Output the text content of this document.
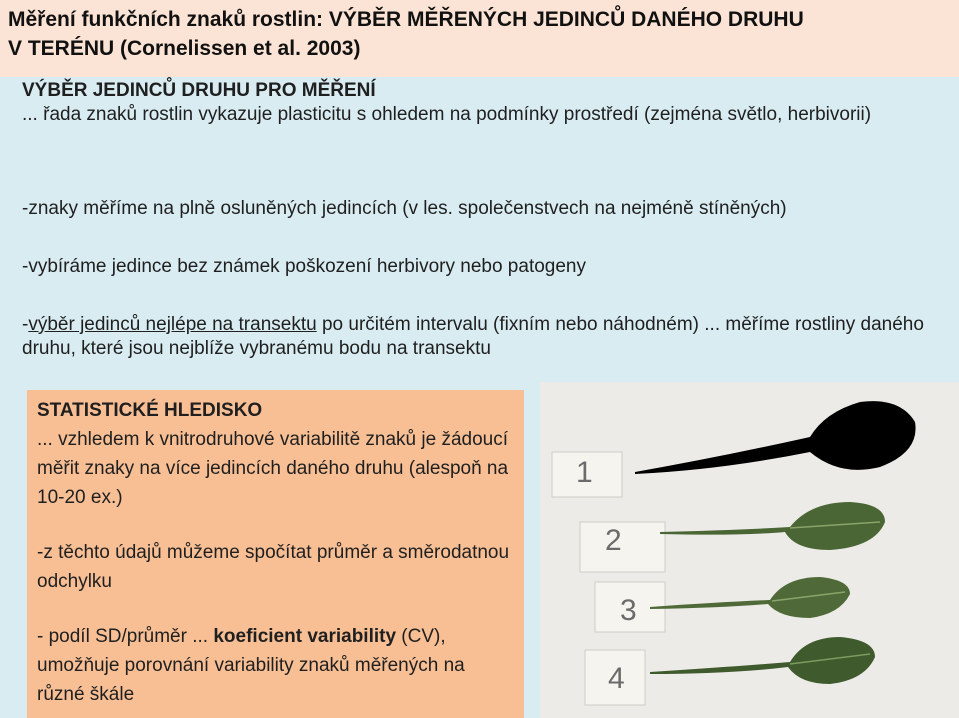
Měření funkčních znaků rostlin: VÝBĚR MĚŘENÝCH JEDINCŮ DANÉHO DRUHU
V TERÉNU (Cornelissen et al. 2003)

VÝBĚR JEDINCŮ DRUHU PRO MĚŘENÍ

... řada znaků rostlin vykazuje plasticitu s ohledem na podmínky prostředí (zejména světlo, herbivorii)

-znaky měříme na plně osluněných jedincích (v les. společenstvech na nejméně stíněných)

-vybíráme jedince bez známek poškození herbivory nebo patogeny

-výběr jedinců nejlépe na transektu po určitém intervalu (fixním nebo náhodném) ... měříme rostliny daného druhu, které jsou nejblíže vybranému bodu na transektu

STATISTICKÉ HLEDISKO
... vzhledem k vnitrodruhové variabilitě znaků je žádoucí měřit znaky na více jedincích daného druhu (alespoň na 10-20 ex.)
-z těchto údajů můžeme spočítat průměr a směrodatnou odchylku
- podíl SD/průměr ... koeficient variability (CV), umožňuje porovnání variability znaků měřených na různé škále
1
2
3
4
